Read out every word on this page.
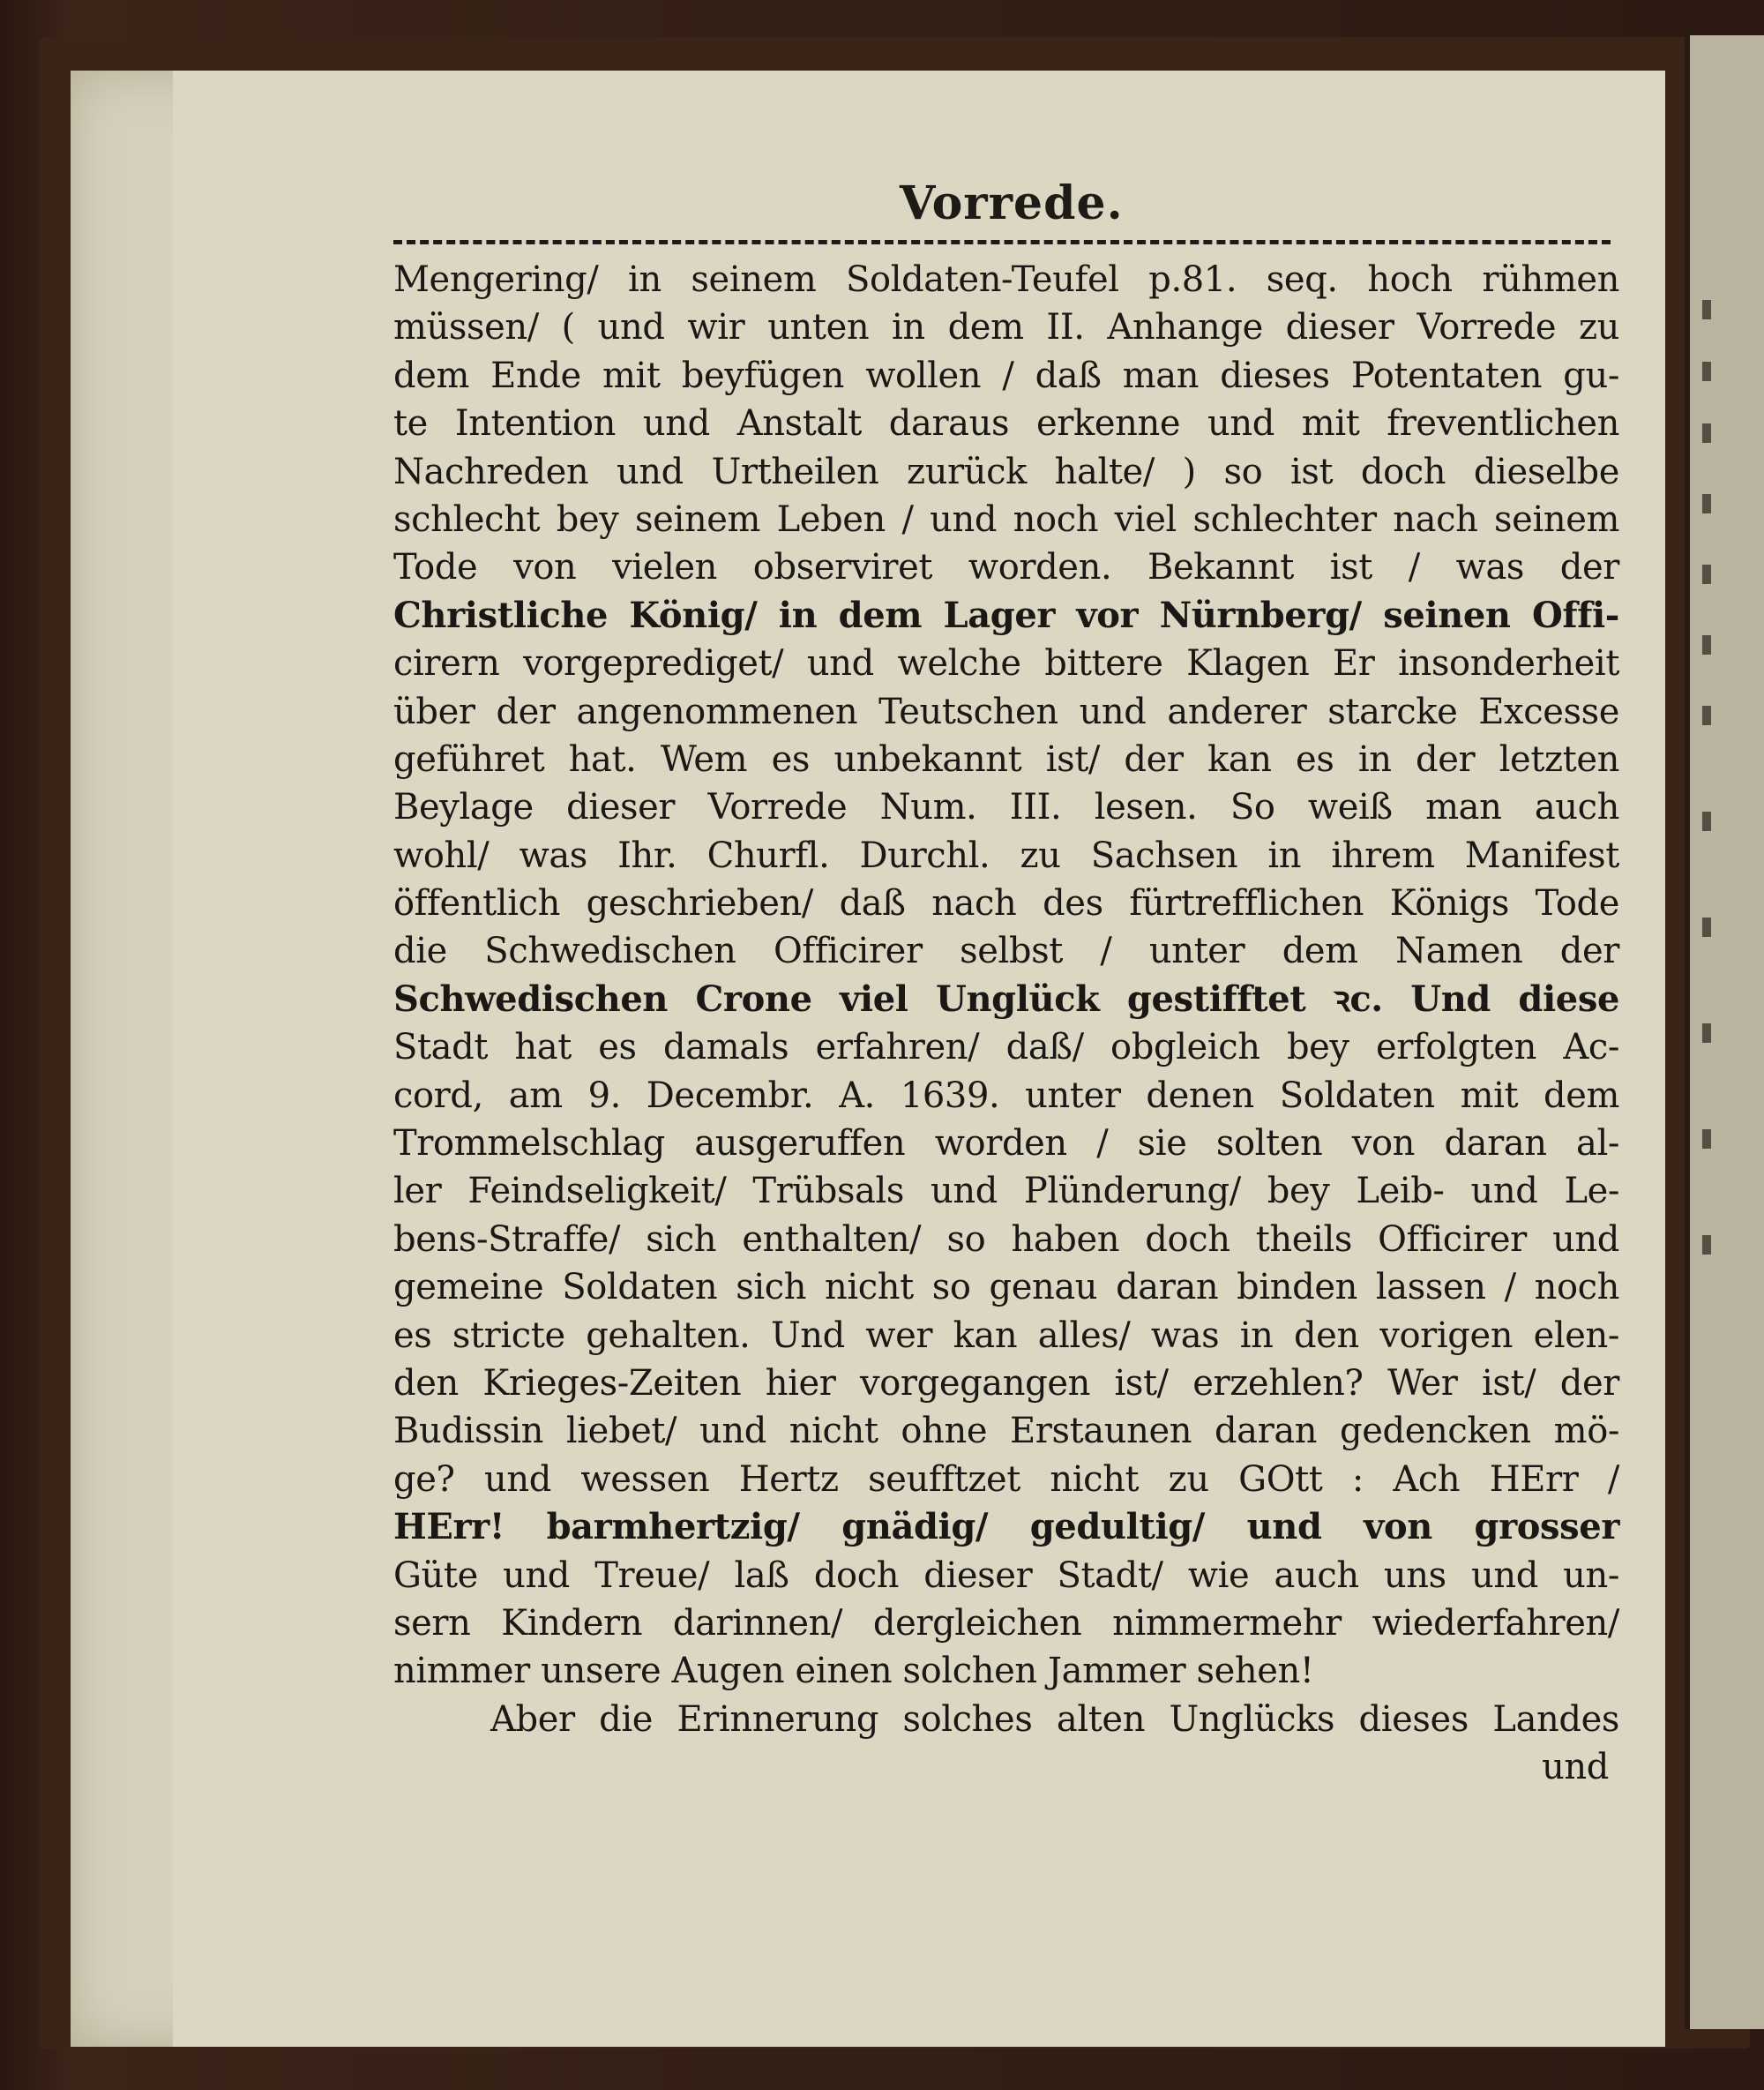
Vorrede.
Mengering/ in seinem Soldaten-Teufel p.81. seq. hoch rühmen
müssen/ ( und wir unten in dem II. Anhange dieser Vorrede zu
dem Ende mit beyfügen wollen / daß man dieses Potentaten gu-
te Intention und Anstalt daraus erkenne und mit freventlichen
Nachreden und Urtheilen zurück halte/ ) so ist doch dieselbe
schlecht bey seinem Leben / und noch viel schlechter nach seinem
Tode von vielen observiret worden. Bekannt ist / was der
Christliche König/ in dem Lager vor Nürnberg/ seinen Offi-
cirern vorgeprediget/ und welche bittere Klagen Er insonderheit
über der angenommenen Teutschen und anderer starcke Excesse
geführet hat. Wem es unbekannt ist/ der kan es in der letzten
Beylage dieser Vorrede Num. III. lesen. So weiß man auch
wohl/ was Ihr. Churfl. Durchl. zu Sachsen in ihrem Manifest
öffentlich geschrieben/ daß nach des fürtrefflichen Königs Tode
die Schwedischen Officirer selbst / unter dem Namen der
Schwedischen Crone viel Unglück gestifftet ꝛc. Und diese
Stadt hat es damals erfahren/ daß/ obgleich bey erfolgten Ac-
cord, am 9. Decembr. A. 1639. unter denen Soldaten mit dem
Trommelschlag ausgeruffen worden / sie solten von daran al-
ler Feindseligkeit/ Trübsals und Plünderung/ bey Leib- und Le-
bens-Straffe/ sich enthalten/ so haben doch theils Officirer und
gemeine Soldaten sich nicht so genau daran binden lassen / noch
es stricte gehalten. Und wer kan alles/ was in den vorigen elen-
den Krieges-Zeiten hier vorgegangen ist/ erzehlen? Wer ist/ der
Budissin liebet/ und nicht ohne Erstaunen daran gedencken mö-
ge? und wessen Hertz seufftzet nicht zu GOtt : Ach HErr /
HErr! barmhertzig/ gnädig/ gedultig/ und von grosser
Güte und Treue/ laß doch dieser Stadt/ wie auch uns und un-
sern Kindern darinnen/ dergleichen nimmermehr wiederfahren/
nimmer unsere Augen einen solchen Jammer sehen!
Aber die Erinnerung solches alten Unglücks dieses Landes
und
